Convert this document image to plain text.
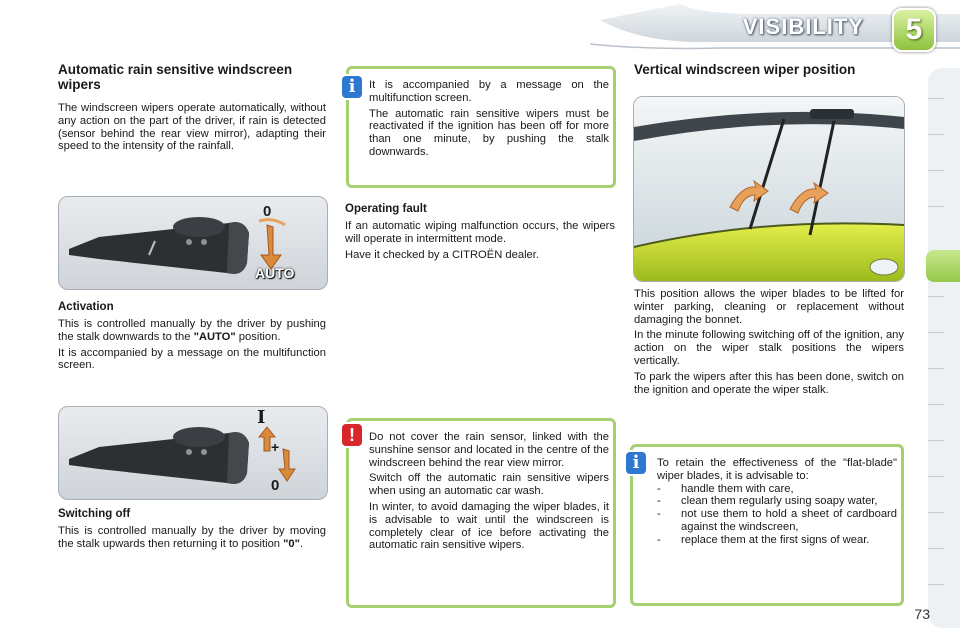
VISIBILITY	5
Automatic rain sensitive windscreen wipers

The windscreen wipers operate automatically, without any action on the part of the driver, if rain is detected (sensor behind the rear view mirror), adapting their speed to the intensity of the rainfall.

0
AUTO
Activation

This is controlled manually by the driver by pushing the stalk downwards to the "AUTO" position.

It is accompanied by a message on the multifunction screen.

I
+
0
Switching off

This is controlled manually by the driver by moving the stalk upwards then returning it to position "0".

It is accompanied by a message on the multifunction screen.

The automatic rain sensitive wipers must be reactivated if the ignition has been off for more than one minute, by pushing the stalk downwards.

i
Operating fault

If an automatic wiping malfunction occurs, the wipers will operate in intermittent mode.

Have it checked by a CITROËN dealer.

Do not cover the rain sensor, linked with the sunshine sensor and located in the centre of the windscreen behind the rear view mirror.

Switch off the automatic rain sensitive wipers when using an automatic car wash.

In winter, to avoid damaging the wiper blades, it is advisable to wait until the windscreen is completely clear of ice before activating the automatic rain sensitive wipers.

!
Vertical windscreen wiper position

This position allows the wiper blades to be lifted for winter parking, cleaning or replacement without damaging the bonnet.

In the minute following switching off of the ignition, any action on the wiper stalk positions the wipers vertically.

To park the wipers after this has been done, switch on the ignition and operate the wiper stalk.

To retain the effectiveness of the "flat-blade" wiper blades, it is advisable to:

- handle them with care,
- clean them regularly using soapy water,
- not use them to hold a sheet of cardboard against the windscreen,
- replace them at the first signs of wear.
i
73
